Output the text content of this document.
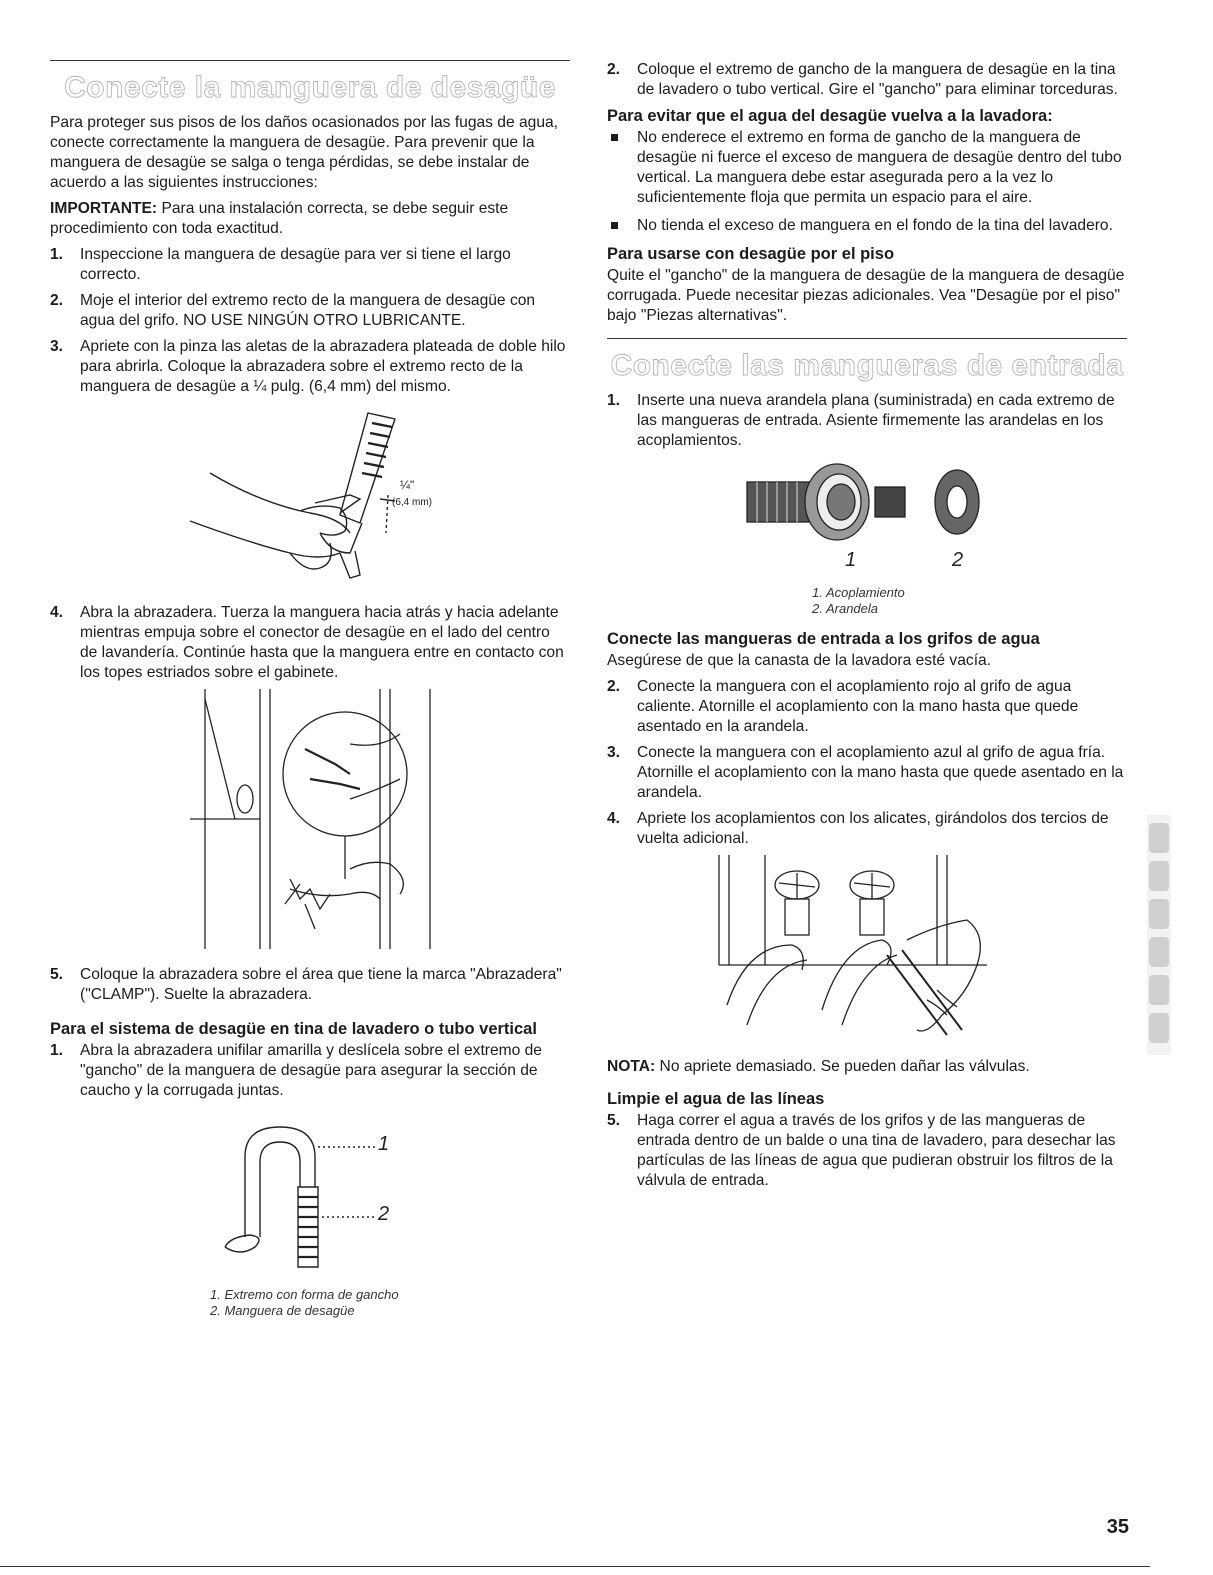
Conecte la manguera de desagüe

Para proteger sus pisos de los daños ocasionados por las fugas de agua, conecte correctamente la manguera de desagüe. Para prevenir que la manguera de desagüe se salga o tenga pérdidas, se debe instalar de acuerdo a las siguientes instrucciones:

IMPORTANTE: Para una instalación correcta, se debe seguir este procedimiento con toda exactitud.

1. Inspeccione la manguera de desagüe para ver si tiene el largo correcto.
2. Moje el interior del extremo recto de la manguera de desagüe con agua del grifo. NO USE NINGÚN OTRO LUBRICANTE.
3. Apriete con la pinza las aletas de la abrazadera plateada de doble hilo para abrirla. Coloque la abrazadera sobre el extremo recto de la manguera de desagüe a ¼ pulg. (6,4 mm) del mismo.
¼"
(6,4 mm)
4. Abra la abrazadera. Tuerza la manguera hacia atrás y hacia adelante mientras empuja sobre el conector de desagüe en el lado del centro de lavandería. Continúe hasta que la manguera entre en contacto con los topes estriados sobre el gabinete.
5. Coloque la abrazadera sobre el área que tiene la marca "Abrazadera" ("CLAMP"). Suelte la abrazadera.
Para el sistema de desagüe en tina de lavadero o tubo vertical
1. Abra la abrazadera unifilar amarilla y deslícela sobre el extremo de "gancho" de la manguera de desagüe para asegurar la sección de caucho y la corrugada juntas.
1
2
1. Extremo con forma de gancho
2. Manguera de desagüe
2. Coloque el extremo de gancho de la manguera de desagüe en la tina de lavadero o tubo vertical. Gire el "gancho" para eliminar torceduras.
Para evitar que el agua del desagüe vuelva a la lavadora:
No enderece el extremo en forma de gancho de la manguera de desagüe ni fuerce el exceso de manguera de desagüe dentro del tubo vertical. La manguera debe estar asegurada pero a la vez lo suficientemente floja que permita un espacio para el aire.
No tienda el exceso de manguera en el fondo de la tina del lavadero.
Para usarse con desagüe por el piso

Quite el "gancho" de la manguera de desagüe de la manguera de desagüe corrugada. Puede necesitar piezas adicionales. Vea "Desagüe por el piso" bajo "Piezas alternativas".

Conecte las mangueras de entrada
1. Inserte una nueva arandela plana (suministrada) en cada extremo de las mangueras de entrada. Asiente firmemente las arandelas en los acoplamientos.
1	2
1. Acoplamiento
2. Arandela
Conecte las mangueras de entrada a los grifos de agua

Asegúrese de que la canasta de la lavadora esté vacía.

2. Conecte la manguera con el acoplamiento rojo al grifo de agua caliente. Atornille el acoplamiento con la mano hasta que quede asentado en la arandela.
3. Conecte la manguera con el acoplamiento azul al grifo de agua fría. Atornille el acoplamiento con la mano hasta que quede asentado en la arandela.
4. Apriete los acoplamientos con los alicates, girándolos dos tercios de vuelta adicional.

NOTA: No apriete demasiado. Se pueden dañar las válvulas.

Limpie el agua de las líneas
5. Haga correr el agua a través de los grifos y de las mangueras de entrada dentro de un balde o una tina de lavadero, para desechar las partículas de las líneas de agua que pudieran obstruir los filtros de la válvula de entrada.
35
